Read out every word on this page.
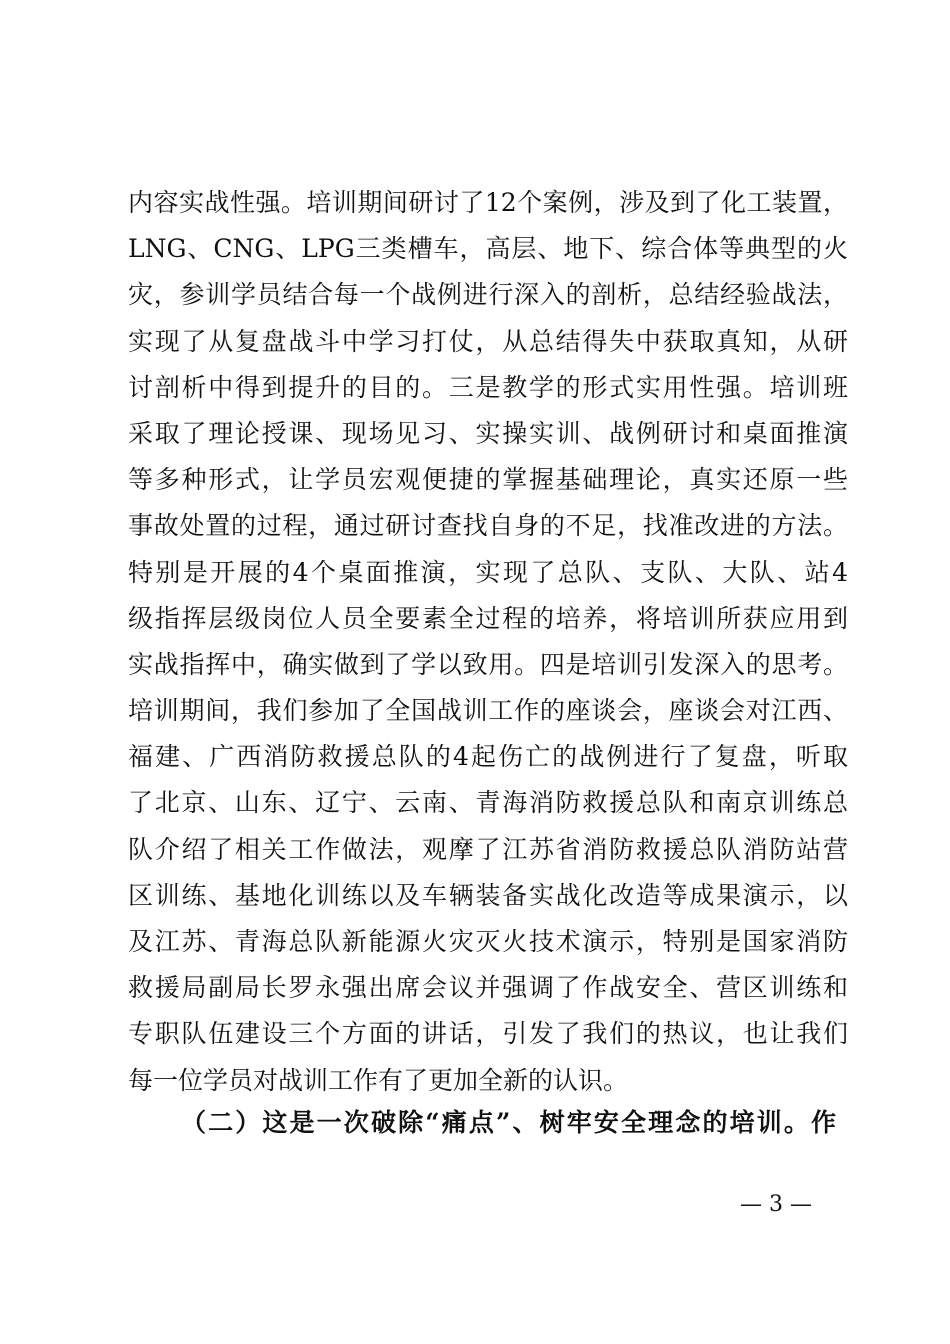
内容实战性强。培训期间研讨了12个案例，涉及到了化工装置，
LNG、CNG、LPG三类槽车，高层、地下、综合体等典型的火
灾，参训学员结合每一个战例进行深入的剖析，总结经验战法，
实现了从复盘战斗中学习打仗，从总结得失中获取真知，从研
讨剖析中得到提升的目的。三是教学的形式实用性强。培训班
采取了理论授课、现场见习、实操实训、战例研讨和桌面推演
等多种形式，让学员宏观便捷的掌握基础理论，真实还原一些
事故处置的过程，通过研讨查找自身的不足，找准改进的方法。
特别是开展的4个桌面推演，实现了总队、支队、大队、站4
级指挥层级岗位人员全要素全过程的培养，将培训所获应用到
实战指挥中，确实做到了学以致用。四是培训引发深入的思考。
培训期间，我们参加了全国战训工作的座谈会，座谈会对江西、
福建、广西消防救援总队的4起伤亡的战例进行了复盘，听取
了北京、山东、辽宁、云南、青海消防救援总队和南京训练总
队介绍了相关工作做法，观摩了江苏省消防救援总队消防站营
区训练、基地化训练以及车辆装备实战化改造等成果演示，以
及江苏、青海总队新能源火灾灭火技术演示，特别是国家消防
救援局副局长罗永强出席会议并强调了作战安全、营区训练和
专职队伍建设三个方面的讲话，引发了我们的热议，也让我们
每一位学员对战训工作有了更加全新的认识。
（二）这是一次破除“痛点”、树牢安全理念的培训。作
— 3 —
